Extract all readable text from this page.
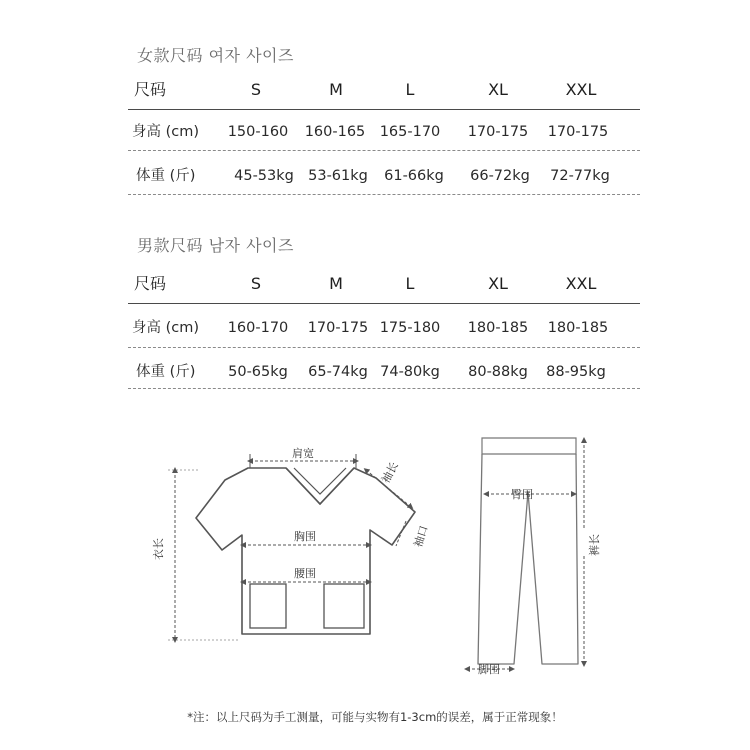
女款尺码 여자 사이즈
尺码	S	M	L	XL	XXL
身高 (cm)	150-160	160-165 165-170	170-175	170-175
体重 (斤)	45-53kg 53-61kg	61-66kg	66-72kg	72-77kg
男款尺码 남자 사이즈
尺码	S	M	L	XL	XXL
身高 (cm)	160-170	170-175 175-180	180-185	180-185
体重 (斤)	50-65kg	65-74kg 74-80kg	80-88kg	88-95kg
肩宽
袖长
袖口
胸围
腰围
衣长
臀围
裤长
脚围
*注：以上尺码为手工测量，可能与实物有1-3cm的误差，属于正常现象！
